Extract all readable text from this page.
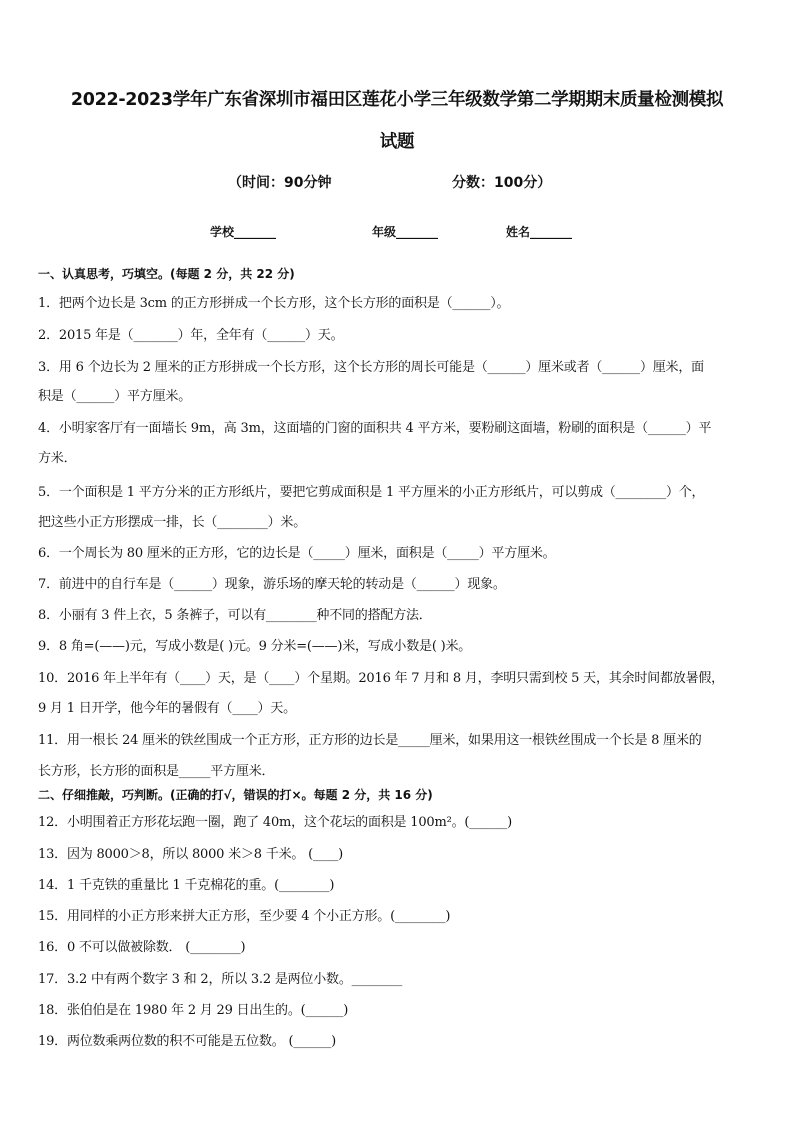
2022-2023学年广东省深圳市福田区莲花小学三年级数学第二学期期末质量检测模拟
试题
（时间：90分钟	分数：100分）
学校_______	年级_______	姓名_______
一、认真思考，巧填空。(每题 2 分，共 22 分)
1．把两个边长是 3cm 的正方形拼成一个长方形，这个长方形的面积是（______）。
2．2015 年是（_______）年，全年有（______）天。
3．用 6 个边长为 2 厘米的正方形拼成一个长方形，这个长方形的周长可能是（______）厘米或者（______）厘米，面
积是（______）平方厘米。
4．小明家客厅有一面墙长 9m，高 3m，这面墙的门窗的面积共 4 平方米，要粉刷这面墙，粉刷的面积是（______）平
方米．
5．一个面积是 1 平方分米的正方形纸片，要把它剪成面积是 1 平方厘米的小正方形纸片，可以剪成（________）个，
把这些小正方形摆成一排，长（________）米。
6．一个周长为 80 厘米的正方形，它的边长是（_____）厘米，面积是（_____）平方厘米。
7．前进中的自行车是（______）现象，游乐场的摩天轮的转动是（______）现象。
8．小丽有 3 件上衣，5 条裤子，可以有________种不同的搭配方法．
9．8 角=(——)元，写成小数是( )元。9 分米=(——)米，写成小数是( )米。
10．2016 年上半年有（____）天，是（____）个星期。2016 年 7 月和 8 月，李明只需到校 5 天，其余时间都放暑假，
9 月 1 日开学，他今年的暑假有（____）天。
11．用一根长 24 厘米的铁丝围成一个正方形，正方形的边长是_____厘米，如果用这一根铁丝围成一个长是 8 厘米的
长方形，长方形的面积是_____平方厘米．
二、仔细推敲，巧判断。(正确的打√，错误的打×。每题 2 分，共 16 分)
12．小明围着正方形花坛跑一圈，跑了 40m，这个花坛的面积是 100m²。(______)
13．因为 8000＞8，所以 8000 米＞8 千米。 (____)
14．1 千克铁的重量比 1 千克棉花的重。(________)
15．用同样的小正方形来拼大正方形，至少要 4 个小正方形。(________)
16．0 不可以做被除数． (________)
17．3.2 中有两个数字 3 和 2，所以 3.2 是两位小数。________
18．张伯伯是在 1980 年 2 月 29 日出生的。(______)
19．两位数乘两位数的积不可能是五位数。 (______)
